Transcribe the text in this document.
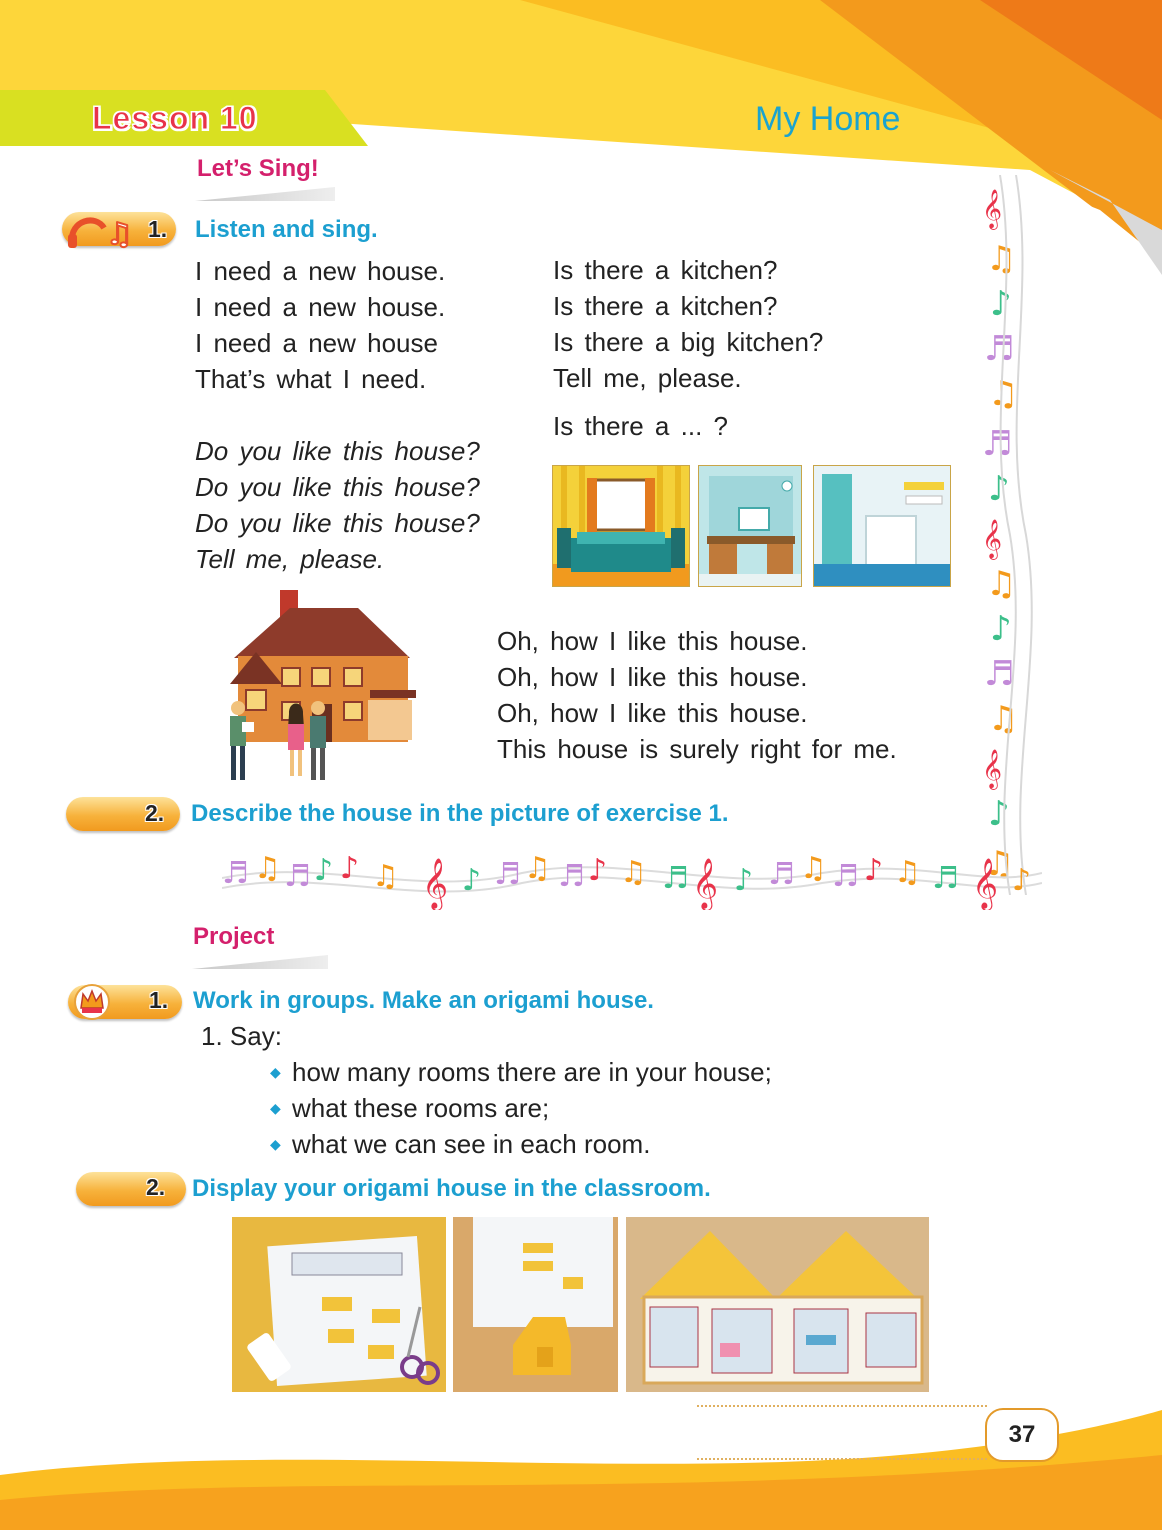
𝄞
♫
♪
♬
♫
♬
♪
𝄞
♫
♪
♬
♫
𝄞
♪
♫
♬ ♫ ♬ ♪ ♪ ♫ 𝄞 ♪ ♬ ♫ ♬ ♪ ♫ ♬ 𝄞 ♪ ♬ ♫ ♬ ♪ ♫ ♬ 𝄞 ♪
Lesson 10	My Home
Let’s Sing!
♫ 1. Listen and sing.
I need a new house.
I need a new house.
I need a new house
That’s what I need.
Do you like this house?
Do you like this house?
Do you like this house?
Tell me, please.
Is there a kitchen?
Is there a kitchen?
Is there a big kitchen?
Tell me, please.
Is there a ... ?
Oh, how I like this house.
Oh, how I like this house.
Oh, how I like this house.
This house is surely right for me.
2. Describe the house in the picture of exercise 1.
Project
1. Work in groups. Make an origami house.
1. Say:
◆ how many rooms there are in your house;
◆ what these rooms are;
◆ what we can see in each room.
2. Display your origami house in the classroom.
37
